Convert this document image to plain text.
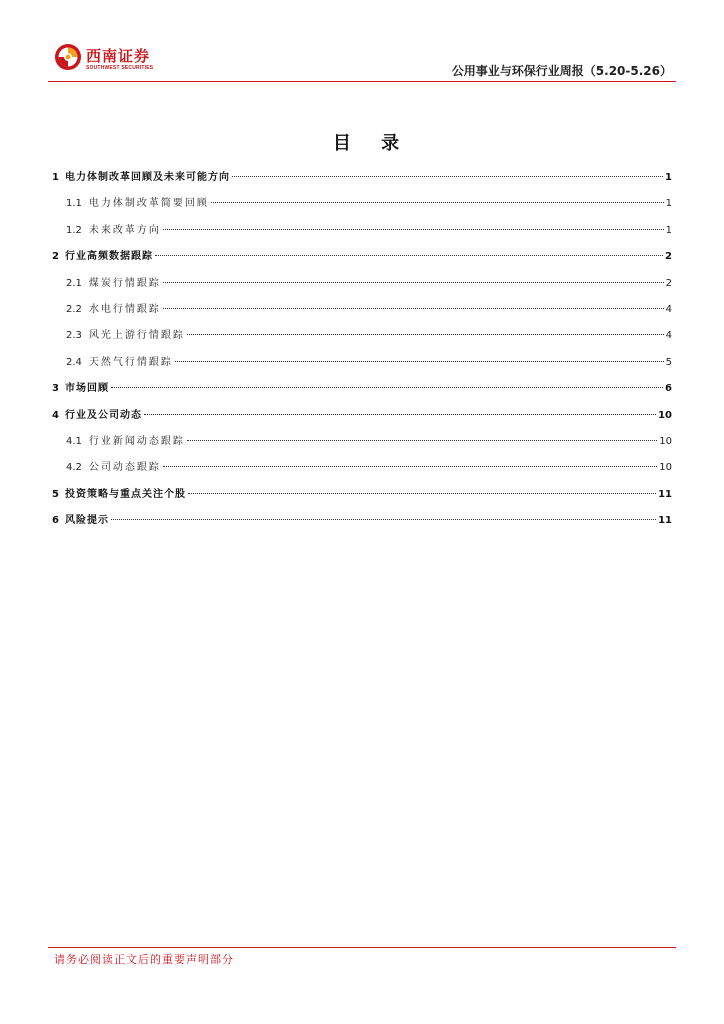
西南证券
SOUTHWEST SECURITIES	公用事业与环保行业周报（5.20-5.26）
目 录
1 电力体制改革回顾及未来可能方向	1
1.1 电力体制改革简要回顾	1
1.2 未来改革方向	1
2 行业高频数据跟踪	2
2.1 煤炭行情跟踪	2
2.2 水电行情跟踪	4
2.3 风光上游行情跟踪	4
2.4 天然气行情跟踪	5
3 市场回顾	6
4 行业及公司动态	10
4.1 行业新闻动态跟踪	10
4.2 公司动态跟踪	10
5 投资策略与重点关注个股	11
6 风险提示	11
请务必阅读正文后的重要声明部分
